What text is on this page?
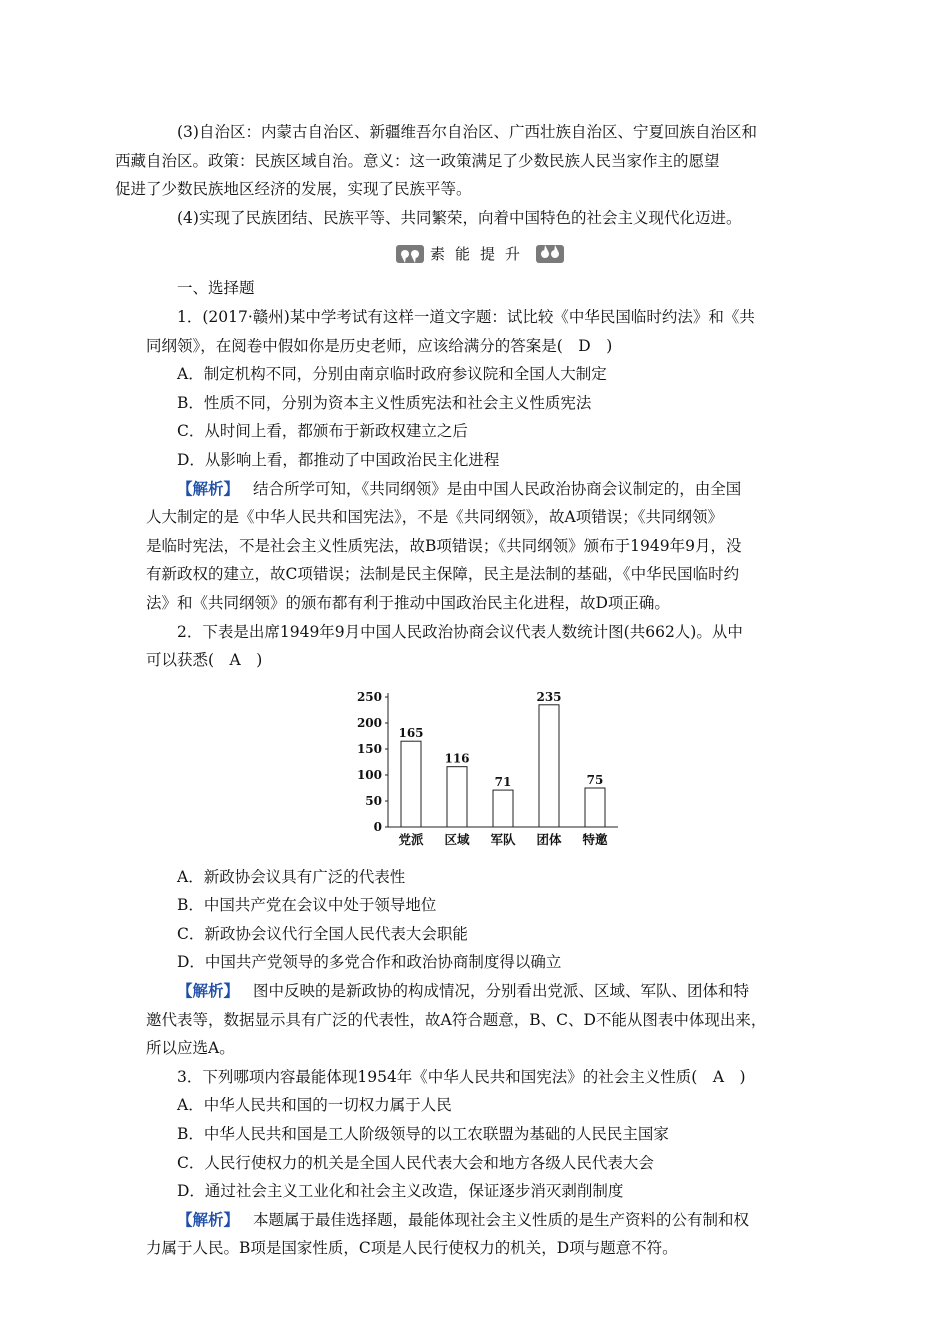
(3)自治区：内蒙古自治区、新疆维吾尔自治区、广西壮族自治区、宁夏回族自治区和
西藏自治区。政策：民族区域自治。意义：这一政策满足了少数民族人民当家作主的愿望
促进了少数民族地区经济的发展，实现了民族平等。

(4)实现了民族团结、民族平等、共同繁荣，向着中国特色的社会主义现代化迈进。

素能提升

一、选择题

1．(2017·赣州)某中学考试有这样一道文字题：试比较《中华民国临时约法》和《共
同纲领》，在阅卷中假如你是历史老师，应该给满分的答案是(　D　)

A．制定机构不同，分别由南京临时政府参议院和全国人大制定

B．性质不同，分别为资本主义性质宪法和社会主义性质宪法

C．从时间上看，都颁布于新政权建立之后

D．从影响上看，都推动了中国政治民主化进程

【解析】 结合所学可知，《共同纲领》是由中国人民政治协商会议制定的，由全国
人大制定的是《中华人民共和国宪法》，不是《共同纲领》，故A项错误；《共同纲领》
是临时宪法，不是社会主义性质宪法，故B项错误；《共同纲领》颁布于1949年9月，没
有新政权的建立，故C项错误；法制是民主保障，民主是法制的基础，《中华民国临时约
法》和《共同纲领》的颁布都有利于推动中国政治民主化进程，故D项正确。

2．下表是出席1949年9月中国人民政治协商会议代表人数统计图(共662人)。从中
可以获悉(　A　)

0
50
100
150
200
250
165
党派
116
区域
71
军队
235
团体
75
特邀

A．新政协会议具有广泛的代表性

B．中国共产党在会议中处于领导地位

C．新政协会议代行全国人民代表大会职能

D．中国共产党领导的多党合作和政治协商制度得以确立

【解析】 图中反映的是新政协的构成情况，分别看出党派、区域、军队、团体和特
邀代表等，数据显示具有广泛的代表性，故A符合题意，B、C、D不能从图表中体现出来，
所以应选A。

3．下列哪项内容最能体现1954年《中华人民共和国宪法》的社会主义性质(　A　)

A．中华人民共和国的一切权力属于人民

B．中华人民共和国是工人阶级领导的以工农联盟为基础的人民民主国家

C．人民行使权力的机关是全国人民代表大会和地方各级人民代表大会

D．通过社会主义工业化和社会主义改造，保证逐步消灭剥削制度

【解析】 本题属于最佳选择题，最能体现社会主义性质的是生产资料的公有制和权
力属于人民。B项是国家性质，C项是人民行使权力的机关，D项与题意不符。
